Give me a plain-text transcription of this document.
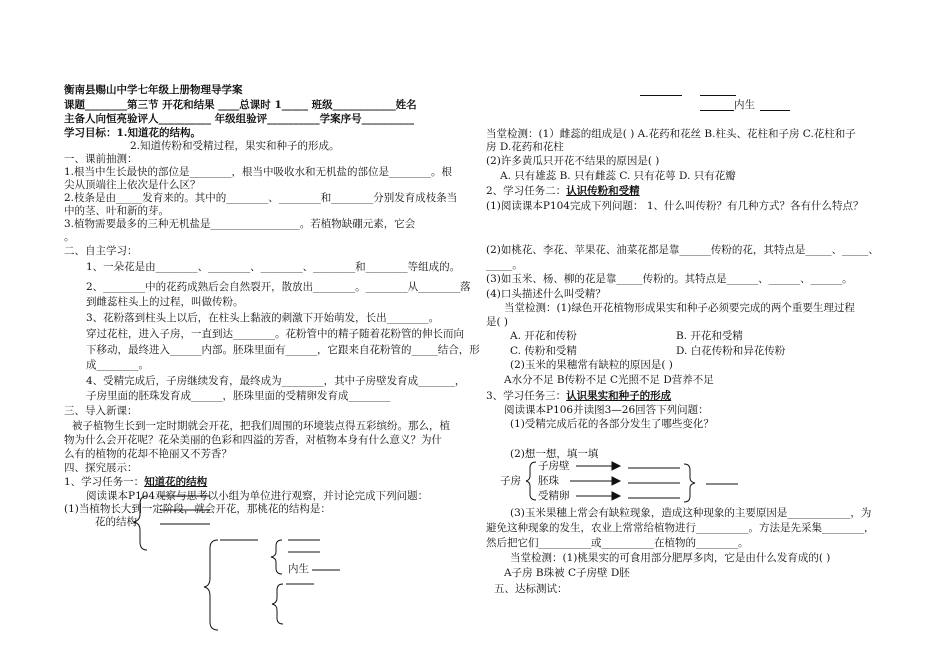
衡南县赐山中学七年级上册物理导学案
课题________第三节 开花和结果 ____总课时 1_____ 班级____________姓名
主备人向恒亮验评人__________ 年级组验评__________学案序号__________
学习目标：1.知道花的结构。
2.知道传粉和受精过程，果实和种子的形成。
一、课前抽测：
1.根当中生长最快的部位是________，根当中吸收水和无机盐的部位是________。根
尖从顶端往上依次是什么区？
2.枝条是由_____发育来的。其中的________、________和________分别发育成枝条当
中的茎、叶和新的芽。
3.植物需要最多的三种无机盐是_________________。若植物缺硼元素，它会
。
二、自主学习：
1、一朵花是由________、________、________、________和________等组成的。
2、________中的花药成熟后会自然裂开，散放出________。________从________落
到雌蕊柱头上的过程，叫做传粉。
3、花粉落到柱头上以后，在柱头上黏液的刺激下开始萌发，长出________。
穿过花柱，进入子房，一直到达________。花粉管中的精子随着花粉管的伸长而向
下移动，最终进入______内部。胚珠里面有______，它跟来自花粉管的_____结合，形
成________。
4、受精完成后，子房继续发育，最终成为________，其中子房壁发育成_______，
子房里面的胚珠发育成______，胚珠里面的受精卵发育成________
三、导入新课：
被子植物生长到一定时期就会开花，把我们周围的环境装点得五彩缤纷。那么，植
物为什么会开花呢？花朵美丽的色彩和四溢的芳香，对植物本身有什么意义？为什
么有的植物的花却不艳丽又不芳香？
四、探究展示：
1、学习任务一：知道花的结构
阅读课本P104观察与思考以小组为单位进行观察，并讨论完成下列问题：
(1)当植物长大到一定阶段，就会开花，那桃花的结构是：
花的结构
内生
内生
当堂检测：(1）雌蕊的组成是( ) A.花药和花丝 B.柱头、花柱和子房 C.花柱和子
房 D.花药和花柱
(2)许多黄瓜只开花不结果的原因是( )
A. 只有雄蕊 B. 只有雌蕊 C. 只有花萼 D. 只有花瓣
2、学习任务二：认识传粉和受精
(1)阅读课本P104完成下列问题： 1、什么叫传粉？有几种方式？各有什么特点？
(2)如桃花、李花、苹果花、油菜花都是靠______传粉的花，其特点是_____、_____、
_____。
(3)如玉米、杨、柳的花是靠_____传粉的。其特点是______、______、______。
(4)口头描述什么叫受精？
当堂检测：(1)绿色开花植物形成果实和种子必须要完成的两个重要生理过程
是( )
A. 开花和传粉	B. 开花和受精
C. 传粉和受精	D. 白花传粉和异花传粉
(2)玉米的果穗常有缺粒的原因是( )
A水分不足 B传粉不足 C光照不足 D营养不足
3、学习任务三：认识果实和种子的形成
阅读课本P106并读图3—26回答下列问题：
(1)受精完成后花的各部分发生了哪些变化？
(2)想一想，填一填
子房
子房壁
胚珠
受精卵
(3)玉米果穗上常会有缺粒现象，造成这种现象的主要原因是____________，为
避免这种现象的发生，农业上常常给植物进行__________。方法是先采集________，
然后把它们__________或__________在植物的________。
当堂检测：(1)桃果实的可食用部分肥厚多肉，它是由什么发育成的( )
A子房 B珠被 C子房壁 D胚
五、达标测试：
